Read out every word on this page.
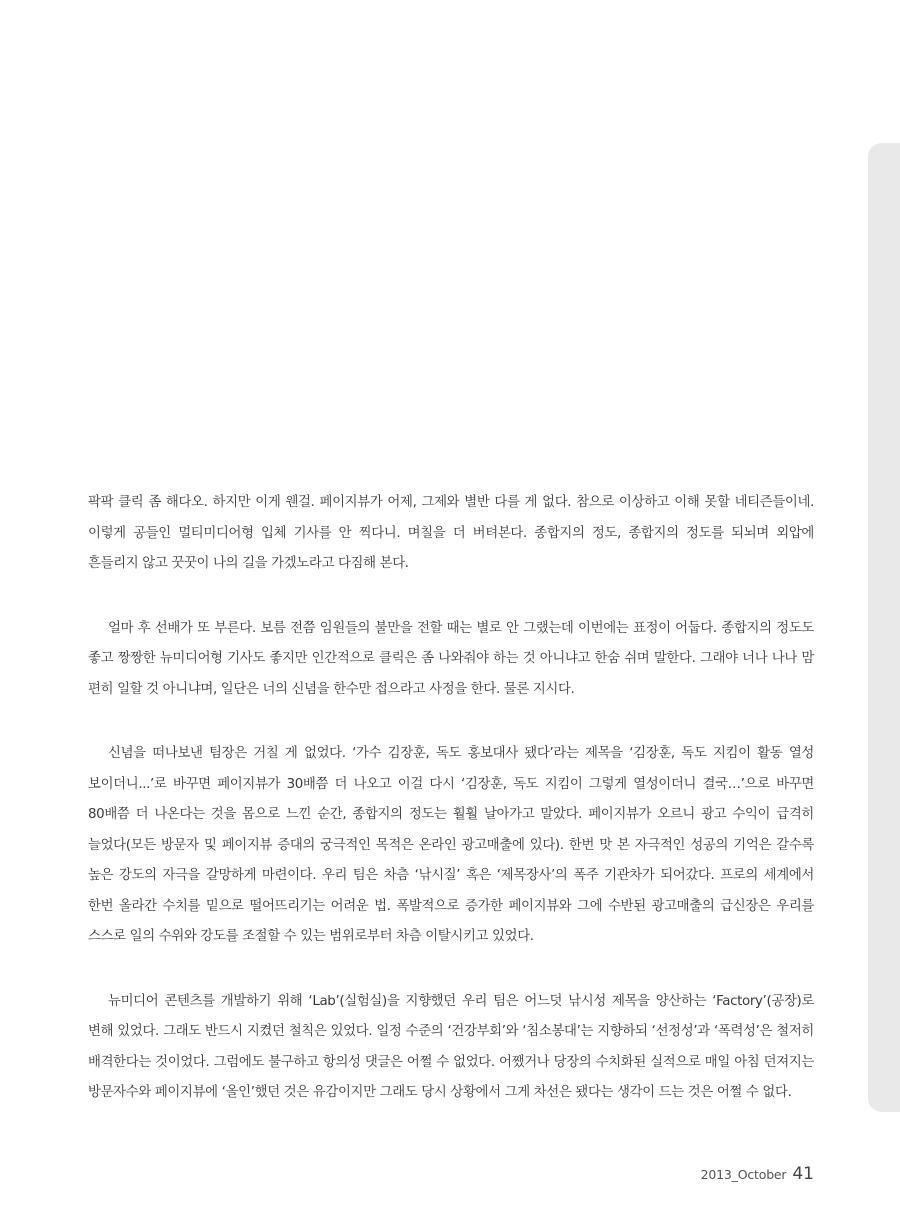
팍팍 클릭 좀 해다오. 하지만 이게 웬걸. 페이지뷰가 어제, 그제와 별반 다를 게 없다. 참으로 이상하고 이해 못할 네티즌들이네. 이렇게 공들인 멀티미디어형 입체 기사를 안 찍다니. 며칠을 더 버텨본다. 종합지의 정도, 종합지의 정도를 되뇌며 외압에 흔들리지 않고 꿋꿋이 나의 길을 가겠노라고 다짐해 본다.

얼마 후 선배가 또 부른다. 보름 전쯤 임원들의 불만을 전할 때는 별로 안 그랬는데 이번에는 표정이 어둡다. 종합지의 정도도 좋고 짱짱한 뉴미디어형 기사도 좋지만 인간적으로 클릭은 좀 나와줘야 하는 것 아니냐고 한숨 쉬며 말한다. 그래야 너나 나나 맘 편히 일할 것 아니냐며, 일단은 너의 신념을 한수만 접으라고 사정을 한다. 물론 지시다.

신념을 떠나보낸 팀장은 거칠 게 없었다. ‘가수 김장훈, 독도 홍보대사 됐다’라는 제목을 ‘김장훈, 독도 지킴이 활동 열성 보이더니...’로 바꾸면 페이지뷰가 30배쯤 더 나오고 이걸 다시 ‘김장훈, 독도 지킴이 그렇게 열성이더니 결국…’으로 바꾸면 80배쯤 더 나온다는 것을 몸으로 느낀 순간, 종합지의 정도는 훨훨 날아가고 말았다. 페이지뷰가 오르니 광고 수익이 급격히 늘었다(모든 방문자 및 페이지뷰 증대의 궁극적인 목적은 온라인 광고매출에 있다). 한번 맛 본 자극적인 성공의 기억은 갈수록 높은 강도의 자극을 갈망하게 마련이다. 우리 팀은 차츰 ‘낚시질’ 혹은 ‘제목장사’의 폭주 기관차가 되어갔다. 프로의 세계에서 한번 올라간 수치를 밑으로 떨어뜨리기는 어려운 법. 폭발적으로 증가한 페이지뷰와 그에 수반된 광고매출의 급신장은 우리를 스스로 일의 수위와 강도를 조절할 수 있는 범위로부터 차츰 이탈시키고 있었다.

뉴미디어 콘텐츠를 개발하기 위해 ‘Lab’(실험실)을 지향했던 우리 팀은 어느덧 낚시성 제목을 양산하는 ‘Factory’(공장)로 변해 있었다. 그래도 반드시 지켰던 철칙은 있었다. 일정 수준의 ‘건강부회’와 ‘침소봉대’는 지향하되 ‘선정성’과 ‘폭력성’은 철저히 배격한다는 것이었다. 그럼에도 불구하고 항의성 댓글은 어쩔 수 없었다. 어쨌거나 당장의 수치화된 실적으로 매일 아침 던져지는 방문자수와 페이지뷰에 ‘올인’했던 것은 유감이지만 그래도 당시 상황에서 그게 차선은 됐다는 생각이 드는 것은 어쩔 수 없다.

2013_October 41
